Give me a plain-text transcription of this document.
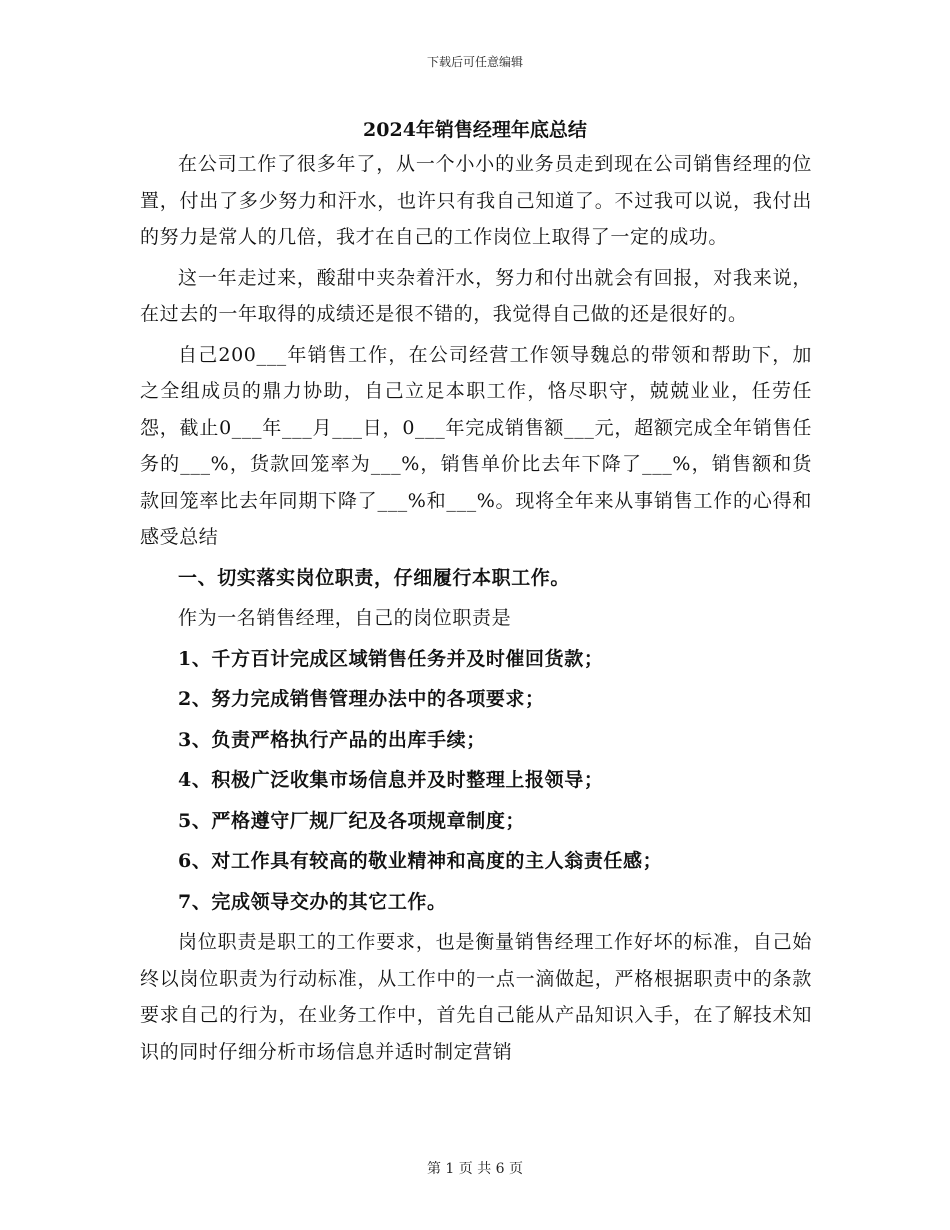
下载后可任意编辑
2024年销售经理年底总结

在公司工作了很多年了，从一个小小的业务员走到现在公司销售经理的位置，付出了多少努力和汗水，也许只有我自己知道了。不过我可以说，我付出的努力是常人的几倍，我才在自己的工作岗位上取得了一定的成功。

这一年走过来，酸甜中夹杂着汗水，努力和付出就会有回报，对我来说，在过去的一年取得的成绩还是很不错的，我觉得自己做的还是很好的。

自己200___年销售工作，在公司经营工作领导魏总的带领和帮助下，加之全组成员的鼎力协助，自己立足本职工作，恪尽职守，兢兢业业，任劳任怨，截止0___年___月___日，0___年完成销售额___元，超额完成全年销售任务的___%，货款回笼率为___%，销售单价比去年下降了___%，销售额和货款回笼率比去年同期下降了___%和___%。现将全年来从事销售工作的心得和感受总结

一、切实落实岗位职责，仔细履行本职工作。

作为一名销售经理，自己的岗位职责是

1、千方百计完成区域销售任务并及时催回货款；

2、努力完成销售管理办法中的各项要求；

3、负责严格执行产品的出库手续；

4、积极广泛收集市场信息并及时整理上报领导；

5、严格遵守厂规厂纪及各项规章制度；

6、对工作具有较高的敬业精神和高度的主人翁责任感；

7、完成领导交办的其它工作。

岗位职责是职工的工作要求，也是衡量销售经理工作好坏的标准，自己始终以岗位职责为行动标准，从工作中的一点一滴做起，严格根据职责中的条款要求自己的行为，在业务工作中，首先自己能从产品知识入手，在了解技术知识的同时仔细分析市场信息并适时制定营销

第 1 页 共 6 页
